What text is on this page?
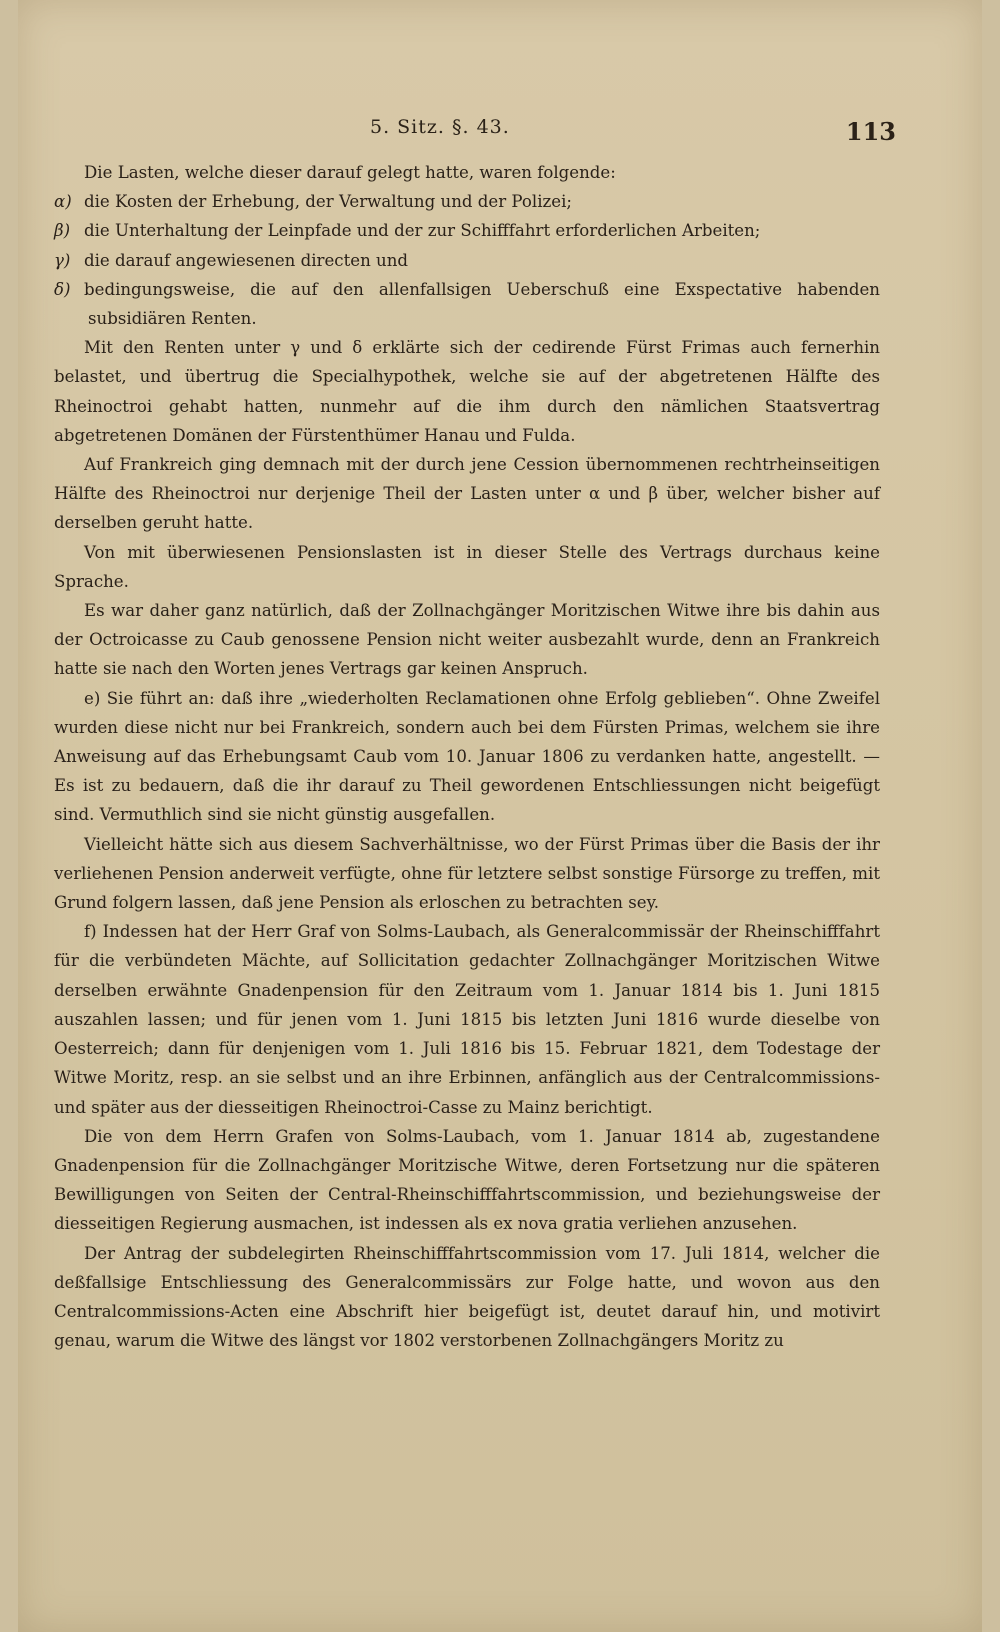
5. Sitz. §. 43.	113

Die Lasten, welche dieser darauf gelegt hatte, waren folgende:

α) die Kosten der Erhebung, der Verwaltung und der Polizei;

β) die Unterhaltung der Leinpfade und der zur Schifffahrt erforderlichen Arbeiten;

γ) die darauf angewiesenen directen und

δ) bedingungsweise, die auf den allenfallsigen Ueberschuß eine Exspectative habenden subsidiären Renten.

Mit den Renten unter γ und δ erklärte sich der cedirende Fürst Frimas auch fernerhin belastet, und übertrug die Specialhypothek, welche sie auf der abgetretenen Hälfte des Rheinoctroi gehabt hatten, nunmehr auf die ihm durch den nämlichen Staatsvertrag abgetretenen Domänen der Fürstenthümer Hanau und Fulda.

Auf Frankreich ging demnach mit der durch jene Cession übernommenen rechtrheinseitigen Hälfte des Rheinoctroi nur derjenige Theil der Lasten unter α und β über, welcher bisher auf derselben geruht hatte.

Von mit überwiesenen Pensionslasten ist in dieser Stelle des Vertrags durchaus keine Sprache.

Es war daher ganz natürlich, daß der Zollnachgänger Moritzischen Witwe ihre bis dahin aus der Octroicasse zu Caub genossene Pension nicht weiter ausbezahlt wurde, denn an Frankreich hatte sie nach den Worten jenes Vertrags gar keinen Anspruch.

e) Sie führt an: daß ihre „wiederholten Reclamationen ohne Erfolg geblieben“. Ohne Zweifel wurden diese nicht nur bei Frankreich, sondern auch bei dem Fürsten Primas, welchem sie ihre Anweisung auf das Erhebungsamt Caub vom 10. Januar 1806 zu verdanken hatte, angestellt. — Es ist zu bedauern, daß die ihr darauf zu Theil gewordenen Entschliessungen nicht beigefügt sind. Vermuthlich sind sie nicht günstig ausgefallen.

Vielleicht hätte sich aus diesem Sachverhältnisse, wo der Fürst Primas über die Basis der ihr verliehenen Pension anderweit verfügte, ohne für letztere selbst sonstige Fürsorge zu treffen, mit Grund folgern lassen, daß jene Pension als erloschen zu betrachten sey.

f) Indessen hat der Herr Graf von Solms-Laubach, als Generalcommissär der Rheinschifffahrt für die verbündeten Mächte, auf Sollicitation gedachter Zollnachgänger Moritzischen Witwe derselben erwähnte Gnadenpension für den Zeitraum vom 1. Januar 1814 bis 1. Juni 1815 auszahlen lassen; und für jenen vom 1. Juni 1815 bis letzten Juni 1816 wurde dieselbe von Oesterreich; dann für denjenigen vom 1. Juli 1816 bis 15. Februar 1821, dem Todestage der Witwe Moritz, resp. an sie selbst und an ihre Erbinnen, anfänglich aus der Centralcommissions- und später aus der diesseitigen Rheinoctroi-Casse zu Mainz berichtigt.

Die von dem Herrn Grafen von Solms-Laubach, vom 1. Januar 1814 ab, zugestandene Gnadenpension für die Zollnachgänger Moritzische Witwe, deren Fortsetzung nur die späteren Bewilligungen von Seiten der Central-Rheinschifffahrtscommission, und beziehungsweise der diesseitigen Regierung ausmachen, ist indessen als ex nova gratia verliehen anzusehen.

Der Antrag der subdelegirten Rheinschifffahrtscommission vom 17. Juli 1814, welcher die deßfallsige Entschliessung des Generalcommissärs zur Folge hatte, und wovon aus den Centralcommissions-Acten eine Abschrift hier beigefügt ist, deutet darauf hin, und motivirt genau, warum die Witwe des längst vor 1802 verstorbenen Zollnachgängers Moritz zu
